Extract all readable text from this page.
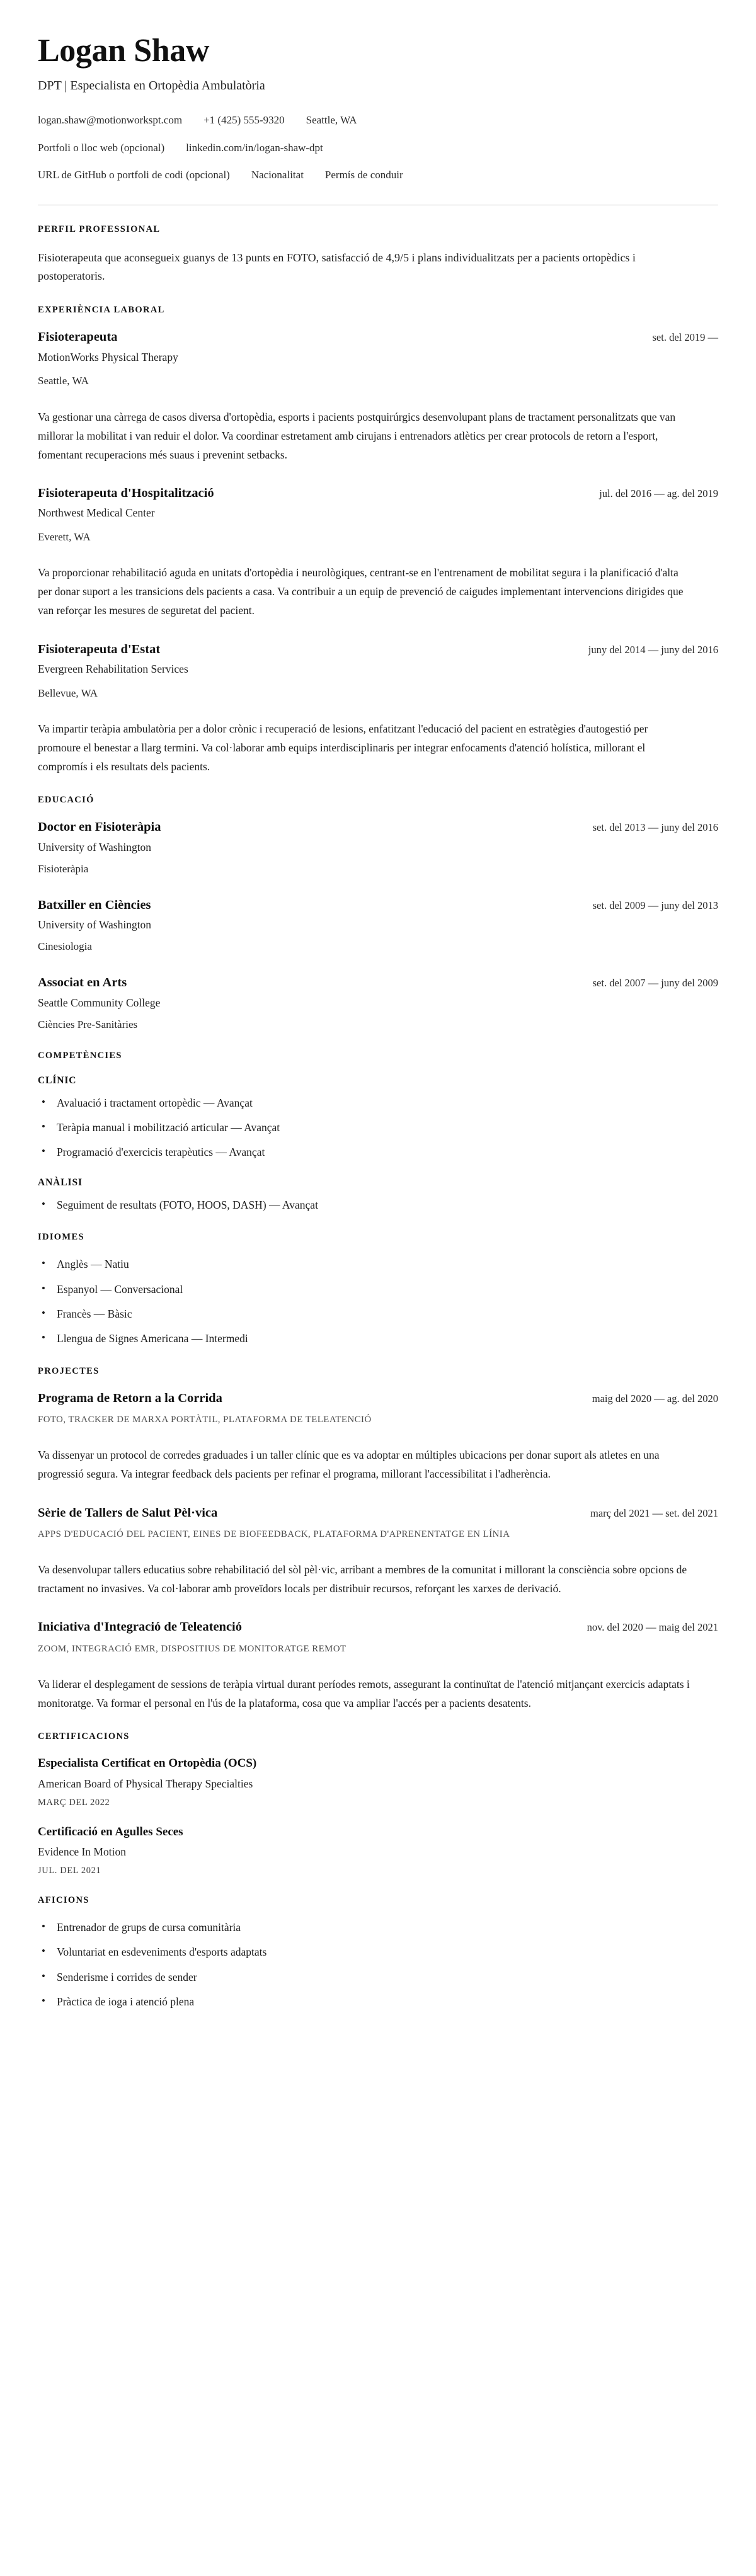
Logan Shaw
DPT | Especialista en Ortopèdia Ambulatòria
logan.shaw@motionworkspt.com +1 (425) 555-9320 Seattle, WA
Portfoli o lloc web (opcional) linkedin.com/in/logan-shaw-dpt
URL de GitHub o portfoli de codi (opcional) Nacionalitat Permís de conduir
PERFIL PROFESSIONAL

Fisioterapeuta que aconsegueix guanys de 13 punts en FOTO, satisfacció de 4,9/5 i plans individualitzats per a pacients ortopèdics i postoperatoris.

EXPERIÈNCIA LABORAL
Fisioterapeuta	set. del 2019 —
MotionWorks Physical Therapy
Seattle, WA

Va gestionar una càrrega de casos diversa d'ortopèdia, esports i pacients postquirúrgics desenvolupant plans de tractament personalitzats que van millorar la mobilitat i van reduir el dolor. Va coordinar estretament amb cirujans i entrenadors atlètics per crear protocols de retorn a l'esport, fomentant recuperacions més suaus i prevenint setbacks.

Fisioterapeuta d'Hospitalització	jul. del 2016 — ag. del 2019
Northwest Medical Center
Everett, WA

Va proporcionar rehabilitació aguda en unitats d'ortopèdia i neurològiques, centrant-se en l'entrenament de mobilitat segura i la planificació d'alta per donar suport a les transicions dels pacients a casa. Va contribuir a un equip de prevenció de caigudes implementant intervencions dirigides que van reforçar les mesures de seguretat del pacient.

Fisioterapeuta d'Estat	juny del 2014 — juny del 2016
Evergreen Rehabilitation Services
Bellevue, WA

Va impartir teràpia ambulatòria per a dolor crònic i recuperació de lesions, enfatitzant l'educació del pacient en estratègies d'autogestió per promoure el benestar a llarg termini. Va col·laborar amb equips interdisciplinaris per integrar enfocaments d'atenció holística, millorant el compromís i els resultats dels pacients.

EDUCACIÓ
Doctor en Fisioteràpia	set. del 2013 — juny del 2016
University of Washington
Fisioteràpia
Batxiller en Ciències	set. del 2009 — juny del 2013
University of Washington
Cinesiologia
Associat en Arts	set. del 2007 — juny del 2009
Seattle Community College
Ciències Pre-Sanitàries
COMPETÈNCIES
CLÍNIC
• Avaluació i tractament ortopèdic — Avançat
• Teràpia manual i mobilització articular — Avançat
• Programació d'exercicis terapèutics — Avançat
ANÀLISI
• Seguiment de resultats (FOTO, HOOS, DASH) — Avançat
IDIOMES
• Anglès — Natiu
• Espanyol — Conversacional
• Francès — Bàsic
• Llengua de Signes Americana — Intermedi
PROJECTES
Programa de Retorn a la Corrida	maig del 2020 — ag. del 2020
FOTO, TRACKER DE MARXA PORTÀTIL, PLATAFORMA DE TELEATENCIÓ

Va dissenyar un protocol de corredes graduades i un taller clínic que es va adoptar en múltiples ubicacions per donar suport als atletes en una progressió segura. Va integrar feedback dels pacients per refinar el programa, millorant l'accessibilitat i l'adherència.

Sèrie de Tallers de Salut Pèl·vica	març del 2021 — set. del 2021
APPS D'EDUCACIÓ DEL PACIENT, EINES DE BIOFEEDBACK, PLATAFORMA D'APRENENTATGE EN LÍNIA

Va desenvolupar tallers educatius sobre rehabilitació del sòl pèl·vic, arribant a membres de la comunitat i millorant la consciència sobre opcions de tractament no invasives. Va col·laborar amb proveïdors locals per distribuir recursos, reforçant les xarxes de derivació.

Iniciativa d'Integració de Teleatenció	nov. del 2020 — maig del 2021
ZOOM, INTEGRACIÓ EMR, DISPOSITIUS DE MONITORATGE REMOT

Va liderar el desplegament de sessions de teràpia virtual durant períodes remots, assegurant la continuïtat de l'atenció mitjançant exercicis adaptats i monitoratge. Va formar el personal en l'ús de la plataforma, cosa que va ampliar l'accés per a pacients desatents.

CERTIFICACIONS
Especialista Certificat en Ortopèdia (OCS)
American Board of Physical Therapy Specialties
MARÇ DEL 2022
Certificació en Agulles Seces
Evidence In Motion
JUL. DEL 2021
AFICIONS
• Entrenador de grups de cursa comunitària
• Voluntariat en esdeveniments d'esports adaptats
• Senderisme i corrides de sender
• Pràctica de ioga i atenció plena
